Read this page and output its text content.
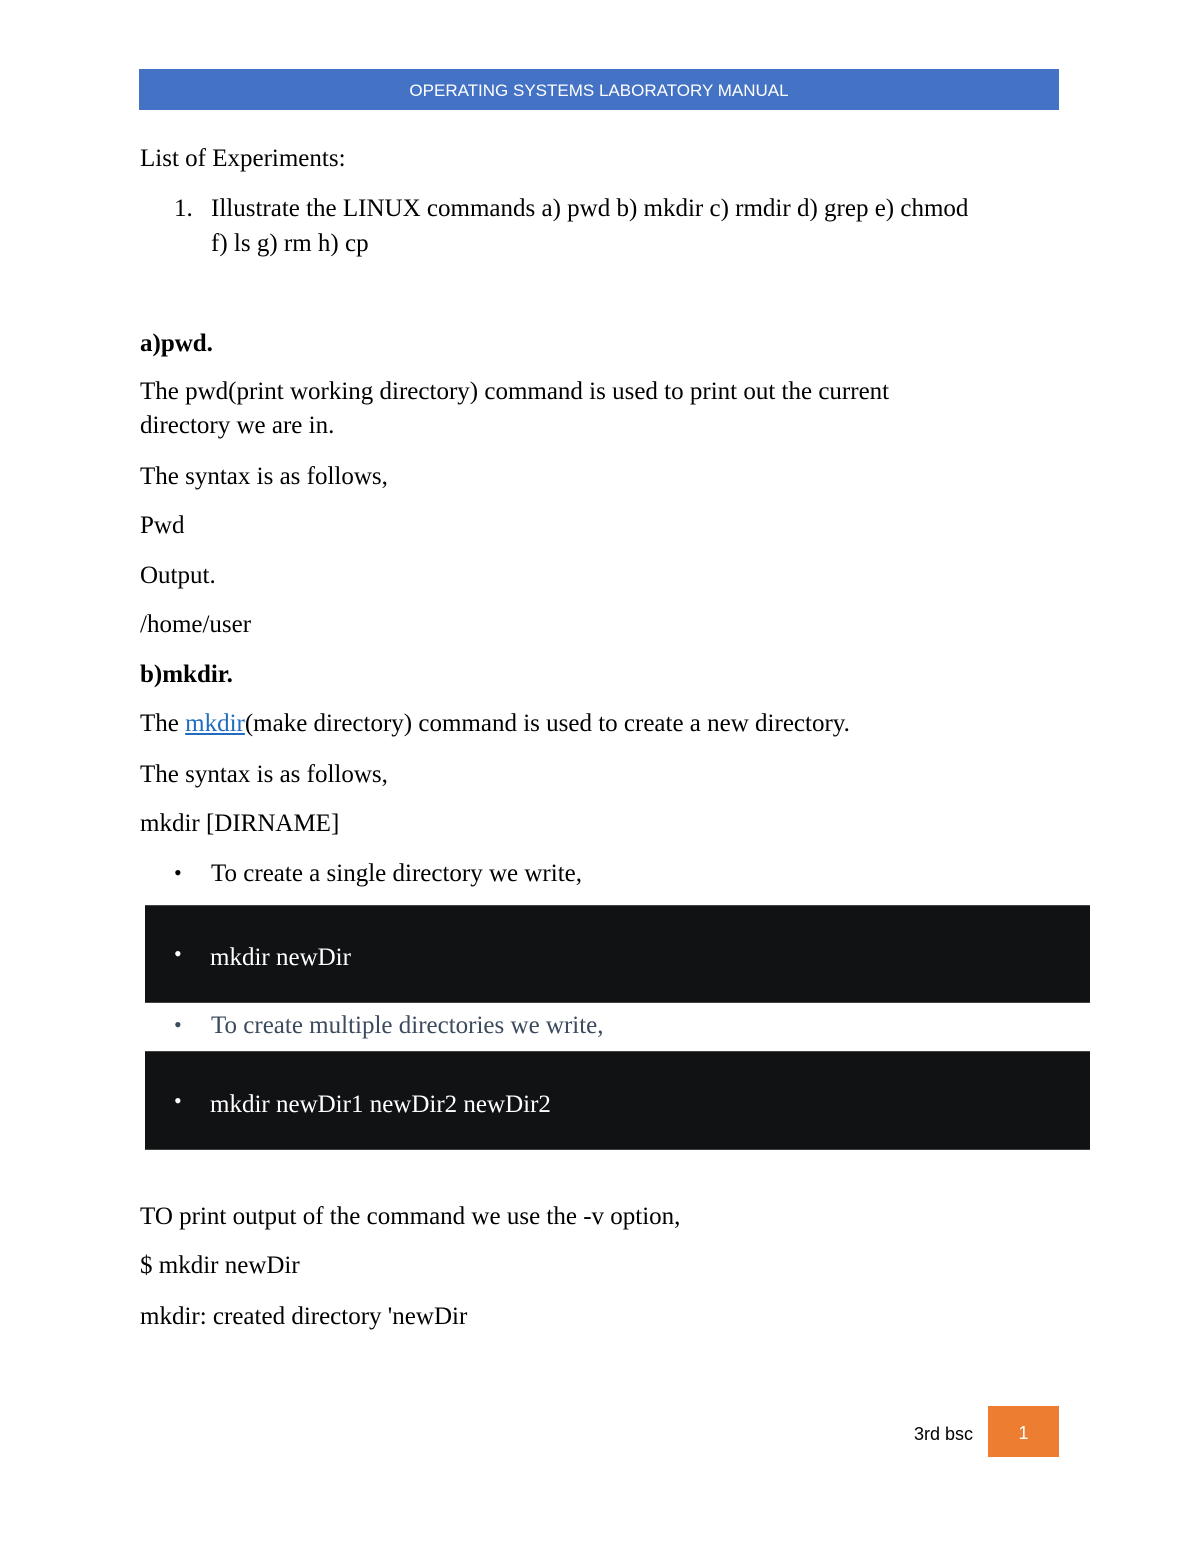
OPERATING SYSTEMS LABORATORY MANUAL
List of Experiments:
1. Illustrate the LINUX commands a) pwd b) mkdir c) rmdir d) grep e) chmod
f) ls g) rm h) cp
a)pwd.
The pwd(print working directory) command is used to print out the current
directory we are in.
The syntax is as follows,
Pwd
Output.
/home/user
b)mkdir.
The mkdir(make directory) command is used to create a new directory.
The syntax is as follows,
mkdir [DIRNAME]
• To create a single directory we write,
• mkdir newDir
• To create multiple directories we write,
• mkdir newDir1 newDir2 newDir2
TO print output of the command we use the -v option,
$ mkdir newDir
mkdir: created directory 'newDir
3rd bsc	1
